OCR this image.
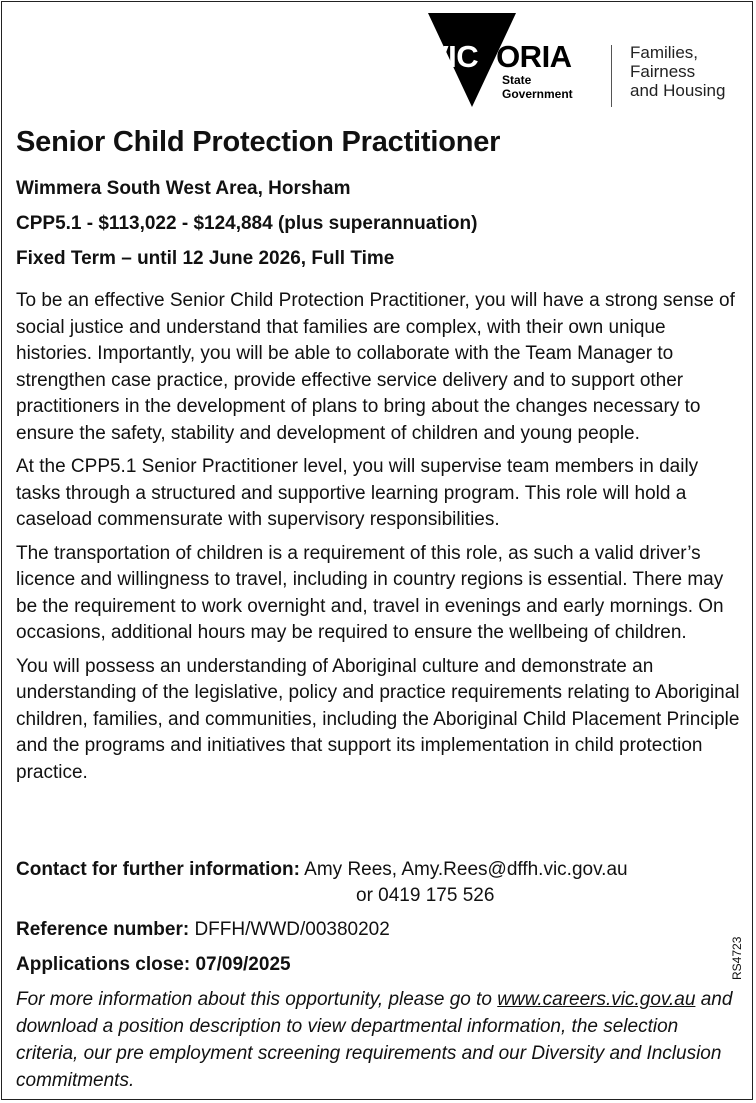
VICTORIA
State
Government
Families,
Fairness
and Housing
Senior Child Protection Practitioner
Wimmera South West Area, Horsham
CPP5.1 - $113,022 - $124,884 (plus superannuation)
Fixed Term – until 12 June 2026, Full Time

To be an effective Senior Child Protection Practitioner, you will have a strong sense of social justice and understand that families are complex, with their own unique histories. Importantly, you will be able to collaborate with the Team Manager to strengthen case practice, provide effective service delivery and to support other practitioners in the development of plans to bring about the changes necessary to ensure the safety, stability and development of children and young people.

At the CPP5.1 Senior Practitioner level, you will supervise team members in daily tasks through a structured and supportive learning program. This role will hold a caseload commensurate with supervisory responsibilities.

The transportation of children is a requirement of this role, as such a valid driver’s licence and willingness to travel, including in country regions is essential. There may be the requirement to work overnight and, travel in evenings and early mornings. On occasions, additional hours may be required to ensure the wellbeing of children.

You will possess an understanding of Aboriginal culture and demonstrate an understanding of the legislative, policy and practice requirements relating to Aboriginal children, families, and communities, including the Aboriginal Child Placement Principle and the programs and initiatives that support its implementation in child protection practice.

Contact for further information: Amy Rees, Amy.Rees@dffh.vic.gov.au
or 0419 175 526
Reference number: DFFH/WWD/00380202
Applications close: 07/09/2025	RS4723
For more information about this opportunity, please go to www.careers.vic.gov.au and download a position description to view departmental information, the selection criteria, our pre employment screening requirements and our Diversity and Inclusion commitments.
